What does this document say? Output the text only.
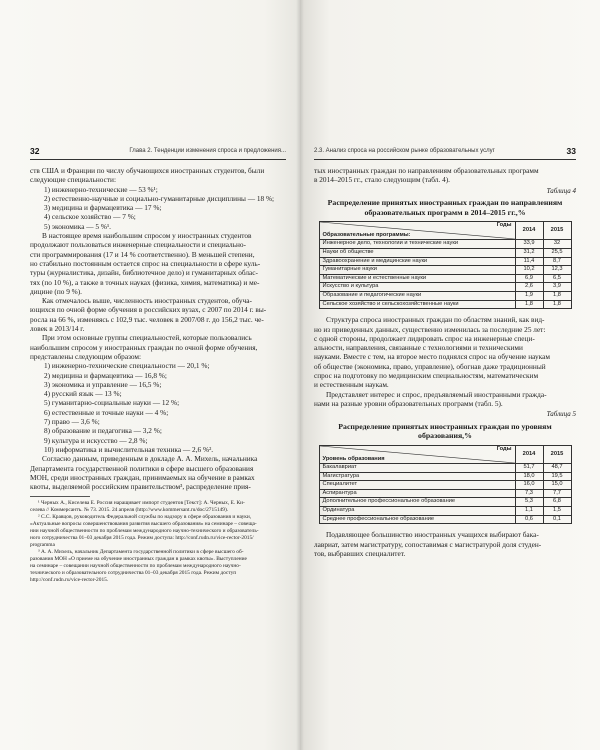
32	Глава 2. Тенденции изменения спроса и предложения...

ств США и Франции по числу обучающихся иностранных студентов, были

следующие специальности:

1) инженерно-технические — 53 %¹;

2) естественно-научные и социально-гуманитарные дисциплины — 18 %;

3) медицина и фармацевтика — 17 %;

4) сельское хозяйство — 7 %;

5) экономика — 5 %¹.

В настоящее время наибольшим спросом у иностранных студентов

продолжают пользоваться инженерные специальности и специально-

сти программирования (17 и 14 % соответственно). В меньшей степени,

но стабильно постоянным остается спрос на специальности в сфере куль-

туры (журналистика, дизайн, библиотечное дело) и гуманитарных облас-

тях (по 10 %), а также в точных науках (физика, химия, математика) и ме-

дицине (по 9 %).

Как отмечалось выше, численность иностранных студентов, обуча-

ющихся по очной форме обучения в российских вузах, с 2007 по 2014 г. вы-

росла на 66 %, изменяясь с 102,9 тыс. человек в 2007/08 г. до 156,2 тыс. че-

ловек в 2013/14 г.

При этом основные группы специальностей, которые пользовались

наибольшим спросом у иностранных граждан по очной форме обучения,

представлены следующим образом:

1) инженерно-технические специальности — 20,1 %;

2) медицина и фармацевтика — 16,8 %;

3) экономика и управление — 16,5 %;

4) русский язык — 13 %;

5) гуманитарно-социальные науки — 12 %;

6) естественные и точные науки — 4 %;

7) право — 3,6 %;

8) образование и педагогика — 3,2 %;

9) культура и искусство — 2,8 %;

10) информатика и вычислительная техника — 2,6 %².

Согласно данным, приведенным в докладе А. А. Михель, начальника

Департамента государственной политики в сфере высшего образования

МОН, среди иностранных граждан, принимаемых на обучение в рамках

квоты, выделяемой российским правительством³, распределение прия-

¹ Черных А., Киселева Е. Россия наращивает импорт студентов [Текст]: А. Черных, Е. Ки-

селева // Коммерсантъ. № 73. 2015. 24 апреля (http://www.kommersant.ru/doc/2715149).

² С.С. Кравцов, руководитель Федеральной службы по надзору в сфере образования и науки,

«Актуальные вопросы совершенствования развития высшего образования» на семинаре – совеща-

нии научной общественности по проблемам международного научно-технического и образователь-

ного сотрудничества 01–03 декабря 2015 года. Режим доступа: http://conf.rudn.ru/vice-rector-2015/

programma

³ А. А. Михель, начальник Департамента государственной политики в сфере высшего об-

разования МОН «О приеме на обучение иностранных граждан в рамках квоты». Выступление

на семинаре – совещании научной общественности по проблемам международного научно-

технического и образовательного сотрудничества 01–03 декабря 2015 года. Режим доступ

http://conf.rudn.ru/vice-rector-2015.

2.3. Анализ спроса на российском рынке образовательных услуг	33

тых иностранных граждан по направлениям образовательных программ

в 2014–2015 гг., стало следующим (табл. 4).

Таблица 4

Распределение принятых иностранных граждан по направлениям образовательных программ в 2014–2015 гг.,%

Годы
Образовательные программы:	2014	2015
Инженерное дело, технологии и технические науки	33,9	32
Науки об обществе	31,2	25,5
Здравоохранение и медицинские науки	11,4	8,7
Гуманитарные науки	10,2	12,3
Математические и естественные науки	6,9	6,5
Искусство и культура	2,6	3,9
Образование и педагогические науки	1,9	1,8
Сельское хозяйство и сельскохозяйственные науки	1,8	1,8

Структура спроса иностранных граждан по областям знаний, как вид-

но из приведенных данных, существенно изменилась за последние 25 лет:

с одной стороны, продолжает лидировать спрос на инженерные специ-

альности, направления, связанные с технологиями и техническими

науками. Вместе с тем, на второе место поднялся спрос на обучение наукам

об обществе (экономика, право, управление), обогнав даже традиционный

спрос на подготовку по медицинским специальностям, математическим

и естественным наукам.

Представляет интерес и спрос, предъявляемый иностранными гражда-

нами на разные уровни образовательных программ (табл. 5).

Таблица 5

Распределение принятых иностранных граждан по уровням образования,%

Годы
Уровень образования	2014	2015
Бакалавриат	51,7	48,7
Магистратура	18,0	19,5
Специалитет	16,0	15,0
Аспирантура	7,3	7,7
Дополнительное профессиональное образование	5,3	6,8
Ординатура	1,1	1,5
Среднее профессиональное образование	0,6	0,1

Подавляющее большинство иностранных учащихся выбирают бака-

лавриат, затем магистратуру, сопоставимая с магистратурой доля студен-

тов, выбравших специалитет.
